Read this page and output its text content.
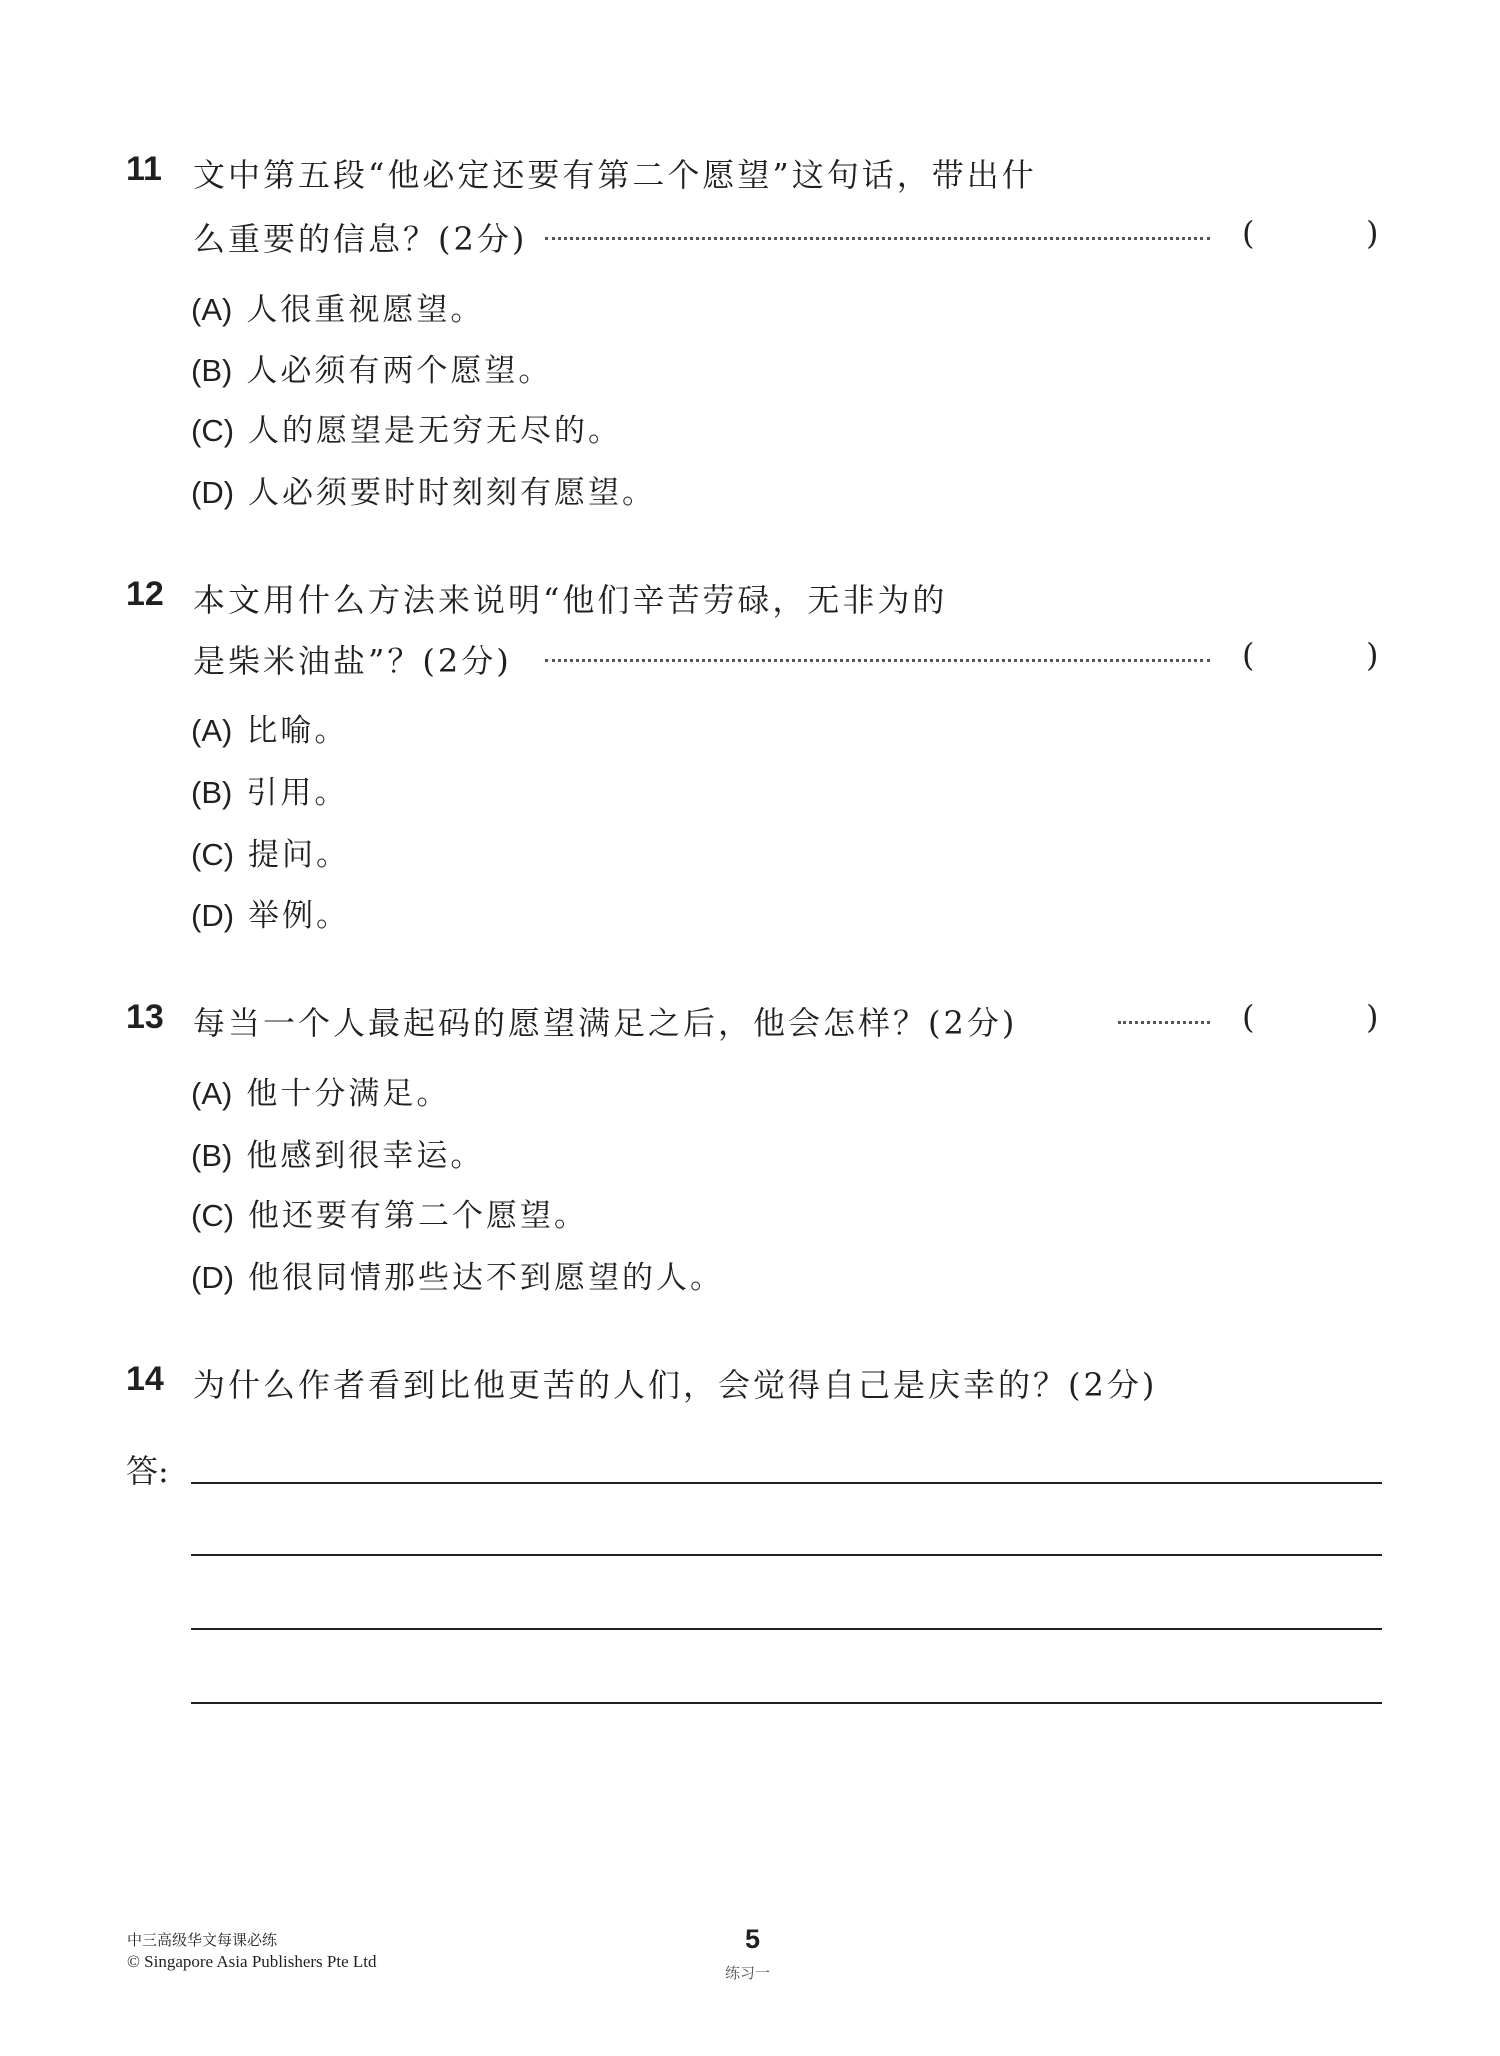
11 文中第五段“他必定还要有第二个愿望”这句话，带出什
么重要的信息？(2分)	(	)
(A) 人很重视愿望。
(B) 人必须有两个愿望。
(C) 人的愿望是无穷无尽的。
(D) 人必须要时时刻刻有愿望。
12 本文用什么方法来说明“他们辛苦劳碌，无非为的
是柴米油盐”？(2分)	(	)
(A) 比喻。
(B) 引用。
(C) 提问。
(D) 举例。
13 每当一个人最起码的愿望满足之后，他会怎样？(2分)	(	)
(A) 他十分满足。
(B) 他感到很幸运。
(C) 他还要有第二个愿望。
(D) 他很同情那些达不到愿望的人。
14 为什么作者看到比他更苦的人们，会觉得自己是庆幸的？(2分)
答:
中三高级华文每课必练
© Singapore Asia Publishers Pte Ltd
5
练习一
